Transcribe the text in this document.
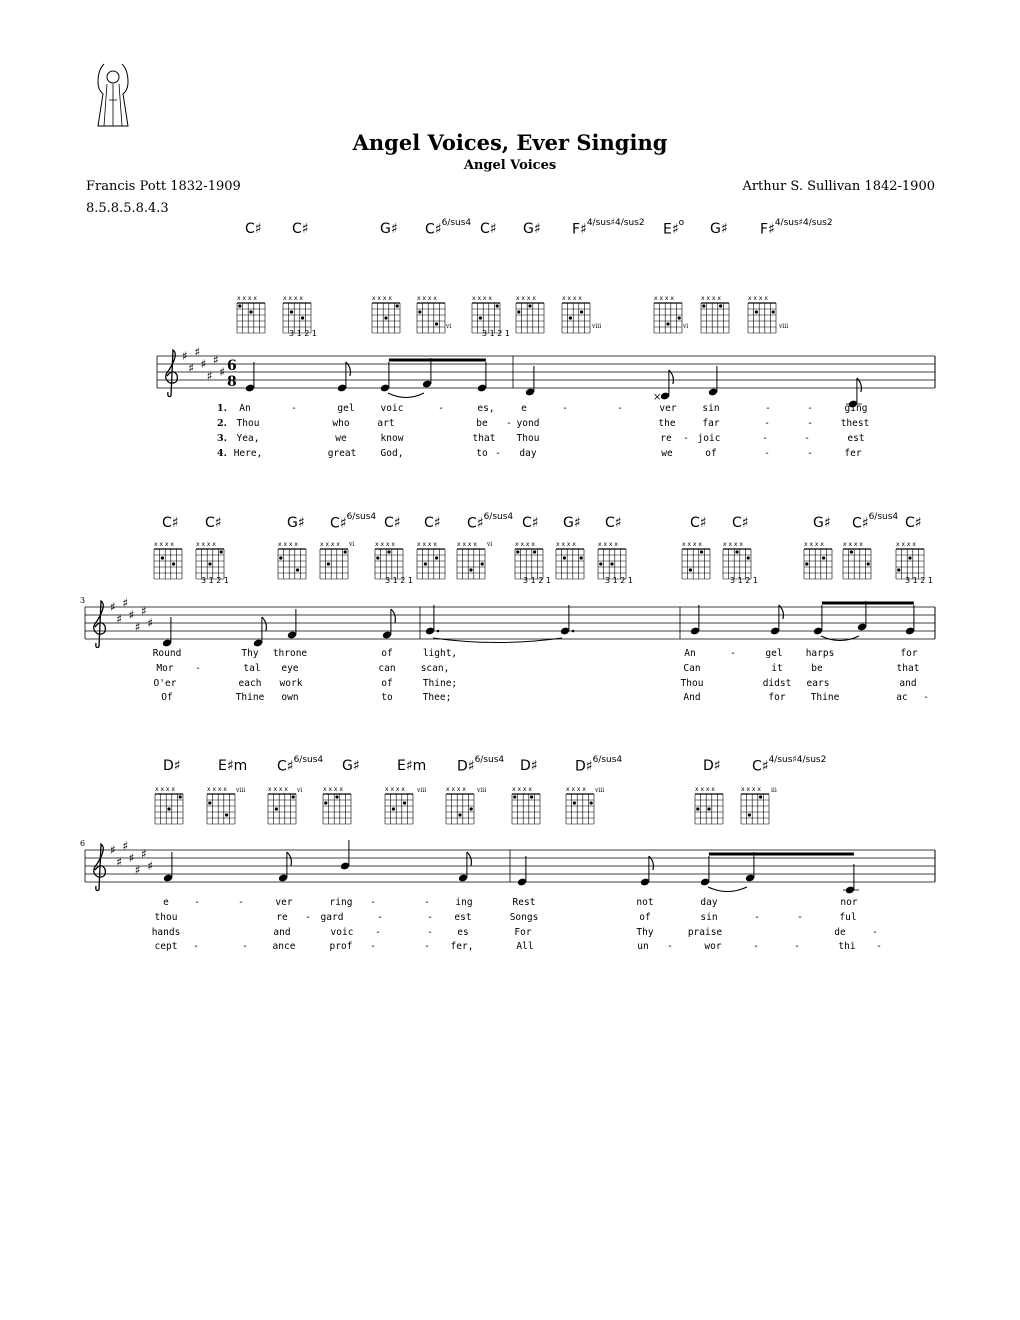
Angel Voices, Ever Singing
Angel Voices
Francis Pott 1832-1909	Arthur S. Sullivan 1842-1900
8.5.8.5.8.4.3
♯
♯
♯
♯
♯
♯
♯ 6
8
♯
♯
♯
♯
♯
♯
♯
♯
♯
♯
♯
♯
♯
♯
×
x x x x	x x x x	x x x x	x x x x	x x x x	x x x x	x x x x	x x x x	x x x x	x x x x
x x x x	x x x x	x x x x	x x x x	x x x x	x x x x	x x x x	x x x x	x x x x	x x x x	x x x x	x x x x	x x x x	x x x x	x x x x
x x x x	x x x x	x x x x	x x x x	x x x x	x x x x	x x x x	x x x x	x x x x	x x x x
3
6
C♯ C♯	G♯ C♯$^{6/sus4}$ C♯ G♯ F♯$^{4/sus♯4/sus2}$ E♯$^o$ G♯ F♯$^{4/sus♯4/sus2}$
C♯ C♯	G♯ C♯$^{6/sus4}$ C♯ C♯ C♯$^{6/sus4}$ C♯ G♯ C♯	C♯ C♯	G♯ C♯$^{6/sus4}$ C♯
D♯	E♯m C♯$^{6/sus4}$ G♯	E♯m D♯$^{6/sus4}$ D♯	D♯$^{6/sus4}$	D♯ C♯$^{4/sus♯4/sus2}$
3 1 2 1	3 1 2 1
3 1 2 1	3 1 2 1	3 1 2 1	3 1 2 1	3 1 2 1	3 1 2 1
vi	viii	vi	viii
vi	vi
viii	vi	viii	viii	viii	iii
1. An	-	gel	voic	-	es,	e	-	-	ver	sin	-	-	ging
2. Thou	who	art	be - yond	the	far	-	-	thest
3. Yea,	we	know	that Thou	re - joic	-	-	est
4. Here,	great	God,	to - day	we	of	-	-	fer
Round	Thy throne	of	light,	An	-	gel harps	for
Mor -	tal eye	can	scan,	Can	it	be	that
O'er	each work	of	Thine;	Thou	didst ears	and
Of	Thine own	to	Thee;	And	for	Thine	ac -
e	-	-	ver	ring -	-	ing	Rest	not	day	nor
thou	re - gard	-	- est	Songs	of	sin	-	-	ful
hands	and	voic -	-	es	For	Thy	praise	de	-
cept -	-	ance	prof -	- fer,	All	un -	wor	-	-	thi -
